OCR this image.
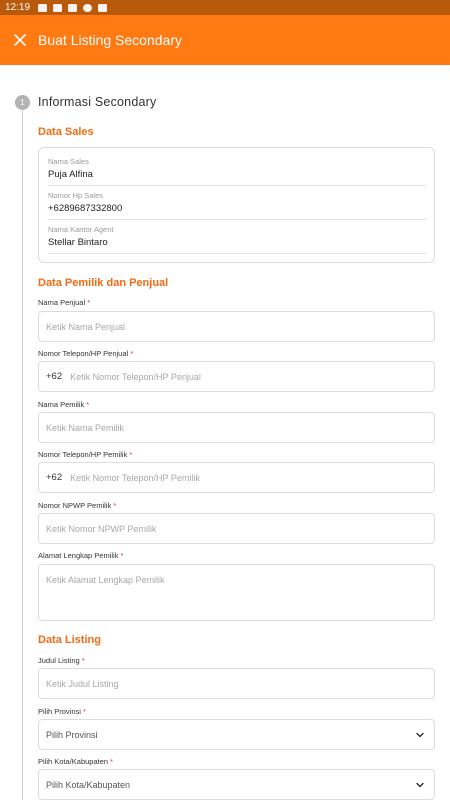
12:19
Buat Listing Secondary
1	Informasi Secondary
Data Sales
Nama Sales
Puja Alfina
Nomor Hp Sales
+6289687332800
Nama Kantor Agent
Stellar Bintaro
Data Pemilik dan Penjual
Nama Penjual *
Ketik Nama Penjual
Nomor Telepon/HP Penjual *
+62 Ketik Nomor Telepon/HP Penjual
Nama Pemilik *
Ketik Nama Pemilik
Nomor Telepon/HP Pemilik *
+62 Ketik Nomor Telepon/HP Pemilik
Nomor NPWP Pemilik *
Ketik Nomor NPWP Pemilik
Alamat Lengkap Pemilik *
Ketik Alamat Lengkap Pemilik
Data Listing
Judul Listing *
Ketik Judul Listing
Pilih Provinsi *
Pilih Provinsi
Pilih Kota/Kabupaten *
Pilih Kota/Kabupaten
